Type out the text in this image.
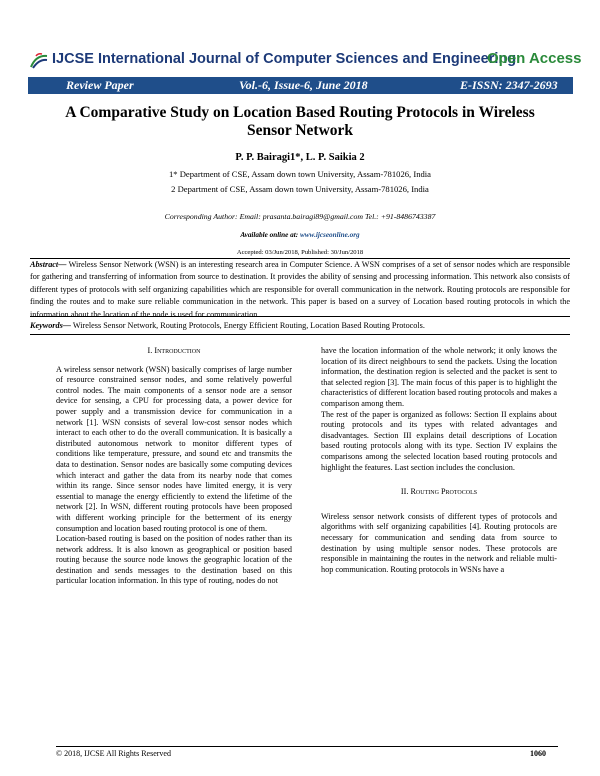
IJCSE International Journal of Computer Sciences and Engineering
Open Access
Review Paper	Vol.-6, Issue-6, June 2018	E-ISSN: 2347-2693
A Comparative Study on Location Based Routing Protocols in Wireless
Sensor Network
P. P. Bairagi1*, L. P. Saikia 2
1* Department of CSE, Assam down town University, Assam-781026, India
2 Department of CSE, Assam down town University, Assam-781026, India
Corresponding Author: Email: prasanta.bairagi89@gmail.com Tel.: +91-8486743387
Available online at: www.ijcseonline.org
Accepted: 03/Jun/2018, Published: 30/Jun/2018
Abstract— Wireless Sensor Network (WSN) is an interesting research area in Computer Science. A WSN comprises of a set of sensor nodes which are responsible for gathering and transferring of information from source to destination. It provides the ability of sensing and processing information. This network also consists of different types of protocols with self organizing capabilities which are responsible for overall communication in the network. Routing protocols are responsible for finding the routes and to make sure reliable communication in the network. This paper is based on a survey of Location based routing protocols in which the information about the location of the node is used for communication.
Keywords— Wireless Sensor Network, Routing Protocols, Energy Efficient Routing, Location Based Routing Protocols.
I. Introduction

A wireless sensor network (WSN) basically comprises of large number of resource constrained sensor nodes, and some relatively powerful control nodes. The main components of a sensor node are a sensor device for sensing, a CPU for processing data, a power device for power supply and a transmission device for communication in a network [1]. WSN consists of several low-cost sensor nodes which interact to each other to do the overall communication. It is basically a distributed autonomous network to monitor different types of conditions like temperature, pressure, and sound etc and transmits the data to destination. Sensor nodes are basically some computing devices which interact and gather the data from its nearby node that comes within its range. Since sensor nodes have limited energy, it is very essential to manage the energy efficiently to extend the lifetime of the network [2]. In WSN, different routing protocols have been proposed with different working principle for the betterment of its energy consumption and location based routing protocol is one of them.

Location-based routing is based on the position of nodes rather than its network address. It is also known as geographical or position based routing because the source node knows the geographic location of the destination and sends messages to the destination based on this particular location information. In this type of routing, nodes do not

have the location information of the whole network; it only knows the location of its direct neighbours to send the packets. Using the location information, the destination region is selected and the packet is sent to that selected region [3]. The main focus of this paper is to highlight the characteristics of different location based routing protocols and makes a comparison among them.

The rest of the paper is organized as follows: Section II explains about routing protocols and its types with related advantages and disadvantages. Section III explains detail descriptions of Location based routing protocols along with its type. Section IV explains the comparisons among the selected location based routing protocols and highlight the features. Last section includes the conclusion.

II. Routing Protocols

Wireless sensor network consists of different types of protocols and algorithms with self organizing capabilities [4]. Routing protocols are necessary for communication and sending data from source to destination by using multiple sensor nodes. These protocols are responsible in maintaining the routes in the network and reliable multi-hop communication. Routing protocols in WSNs have a

© 2018, IJCSE All Rights Reserved	1060
